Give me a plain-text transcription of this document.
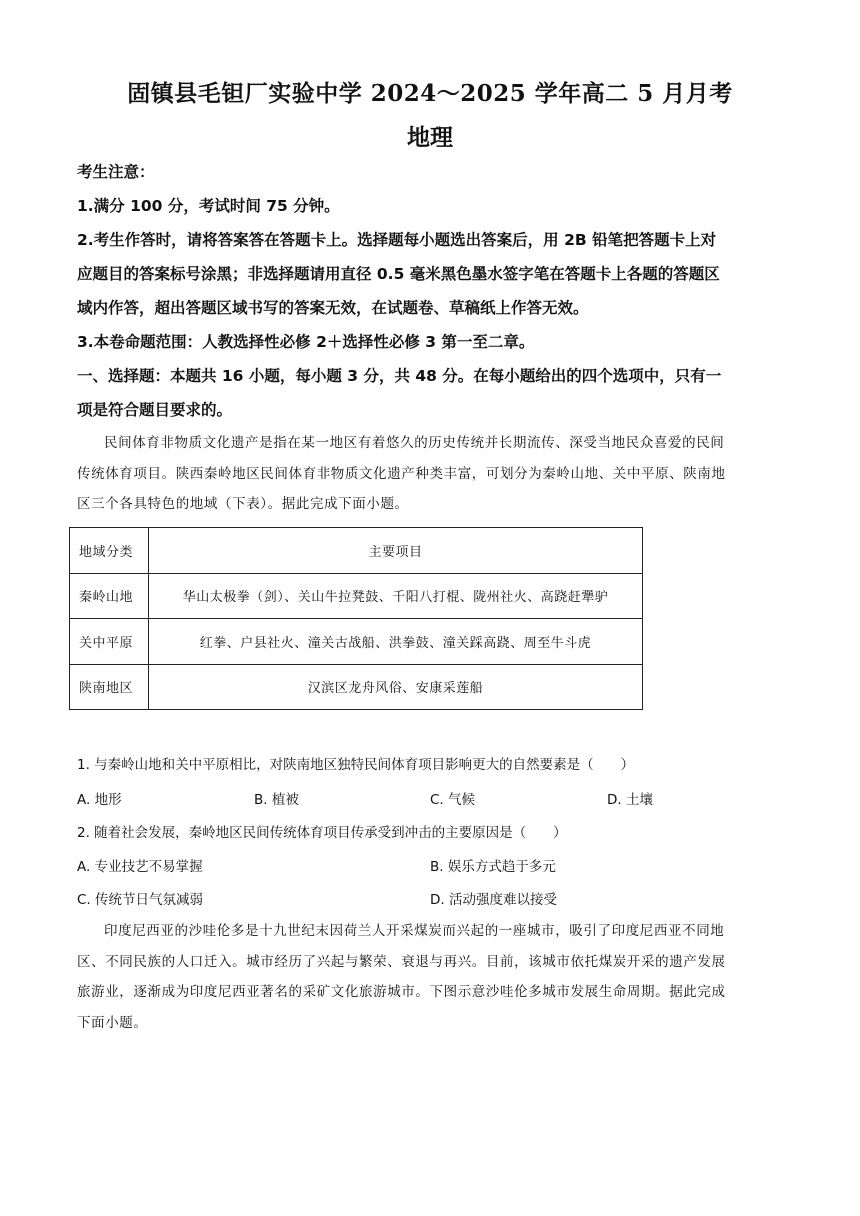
固镇县毛钽厂实验中学 2024～2025 学年高二 5 月月考
地理
考生注意：
1.满分 100 分，考试时间 75 分钟。
2.考生作答时，请将答案答在答题卡上。选择题每小题选出答案后，用 2B 铅笔把答题卡上对
应题目的答案标号涂黑；非选择题请用直径 0.5 毫米黑色墨水签字笔在答题卡上各题的答题区
域内作答，超出答题区域书写的答案无效，在试题卷、草稿纸上作答无效。
3.本卷命题范围：人教选择性必修 2＋选择性必修 3 第一至二章。
一、选择题：本题共 16 小题，每小题 3 分，共 48 分。在每小题给出的四个选项中，只有一
项是符合题目要求的。
民间体育非物质文化遗产是指在某一地区有着悠久的历史传统并长期流传、深受当地民众喜爱的民间
传统体育项目。陕西秦岭地区民间体育非物质文化遗产种类丰富，可划分为秦岭山地、关中平原、陕南地
区三个各具特色的地域（下表）。据此完成下面小题。
地域分类	主要项目
秦岭山地	华山太极拳（剑）、关山牛拉凳鼓、千阳八打棍、陇州社火、高跷赶犟驴
关中平原	红拳、户县社火、潼关古战船、洪拳鼓、潼关踩高跷、周至牛斗虎
陕南地区	汉滨区龙舟风俗、安康采莲船
1. 与秦岭山地和关中平原相比，对陕南地区独特民间体育项目影响更大的自然要素是（　　）
A. 地形	B. 植被	C. 气候	D. 土壤
2. 随着社会发展，秦岭地区民间传统体育项目传承受到冲击的主要原因是（　　）
A. 专业技艺不易掌握	B. 娱乐方式趋于多元
C. 传统节日气氛减弱	D. 活动强度难以接受
印度尼西亚的沙哇伦多是十九世纪末因荷兰人开采煤炭而兴起的一座城市，吸引了印度尼西亚不同地
区、不同民族的人口迁入。城市经历了兴起与繁荣、衰退与再兴。目前，该城市依托煤炭开采的遗产发展
旅游业，逐渐成为印度尼西亚著名的采矿文化旅游城市。下图示意沙哇伦多城市发展生命周期。据此完成
下面小题。
